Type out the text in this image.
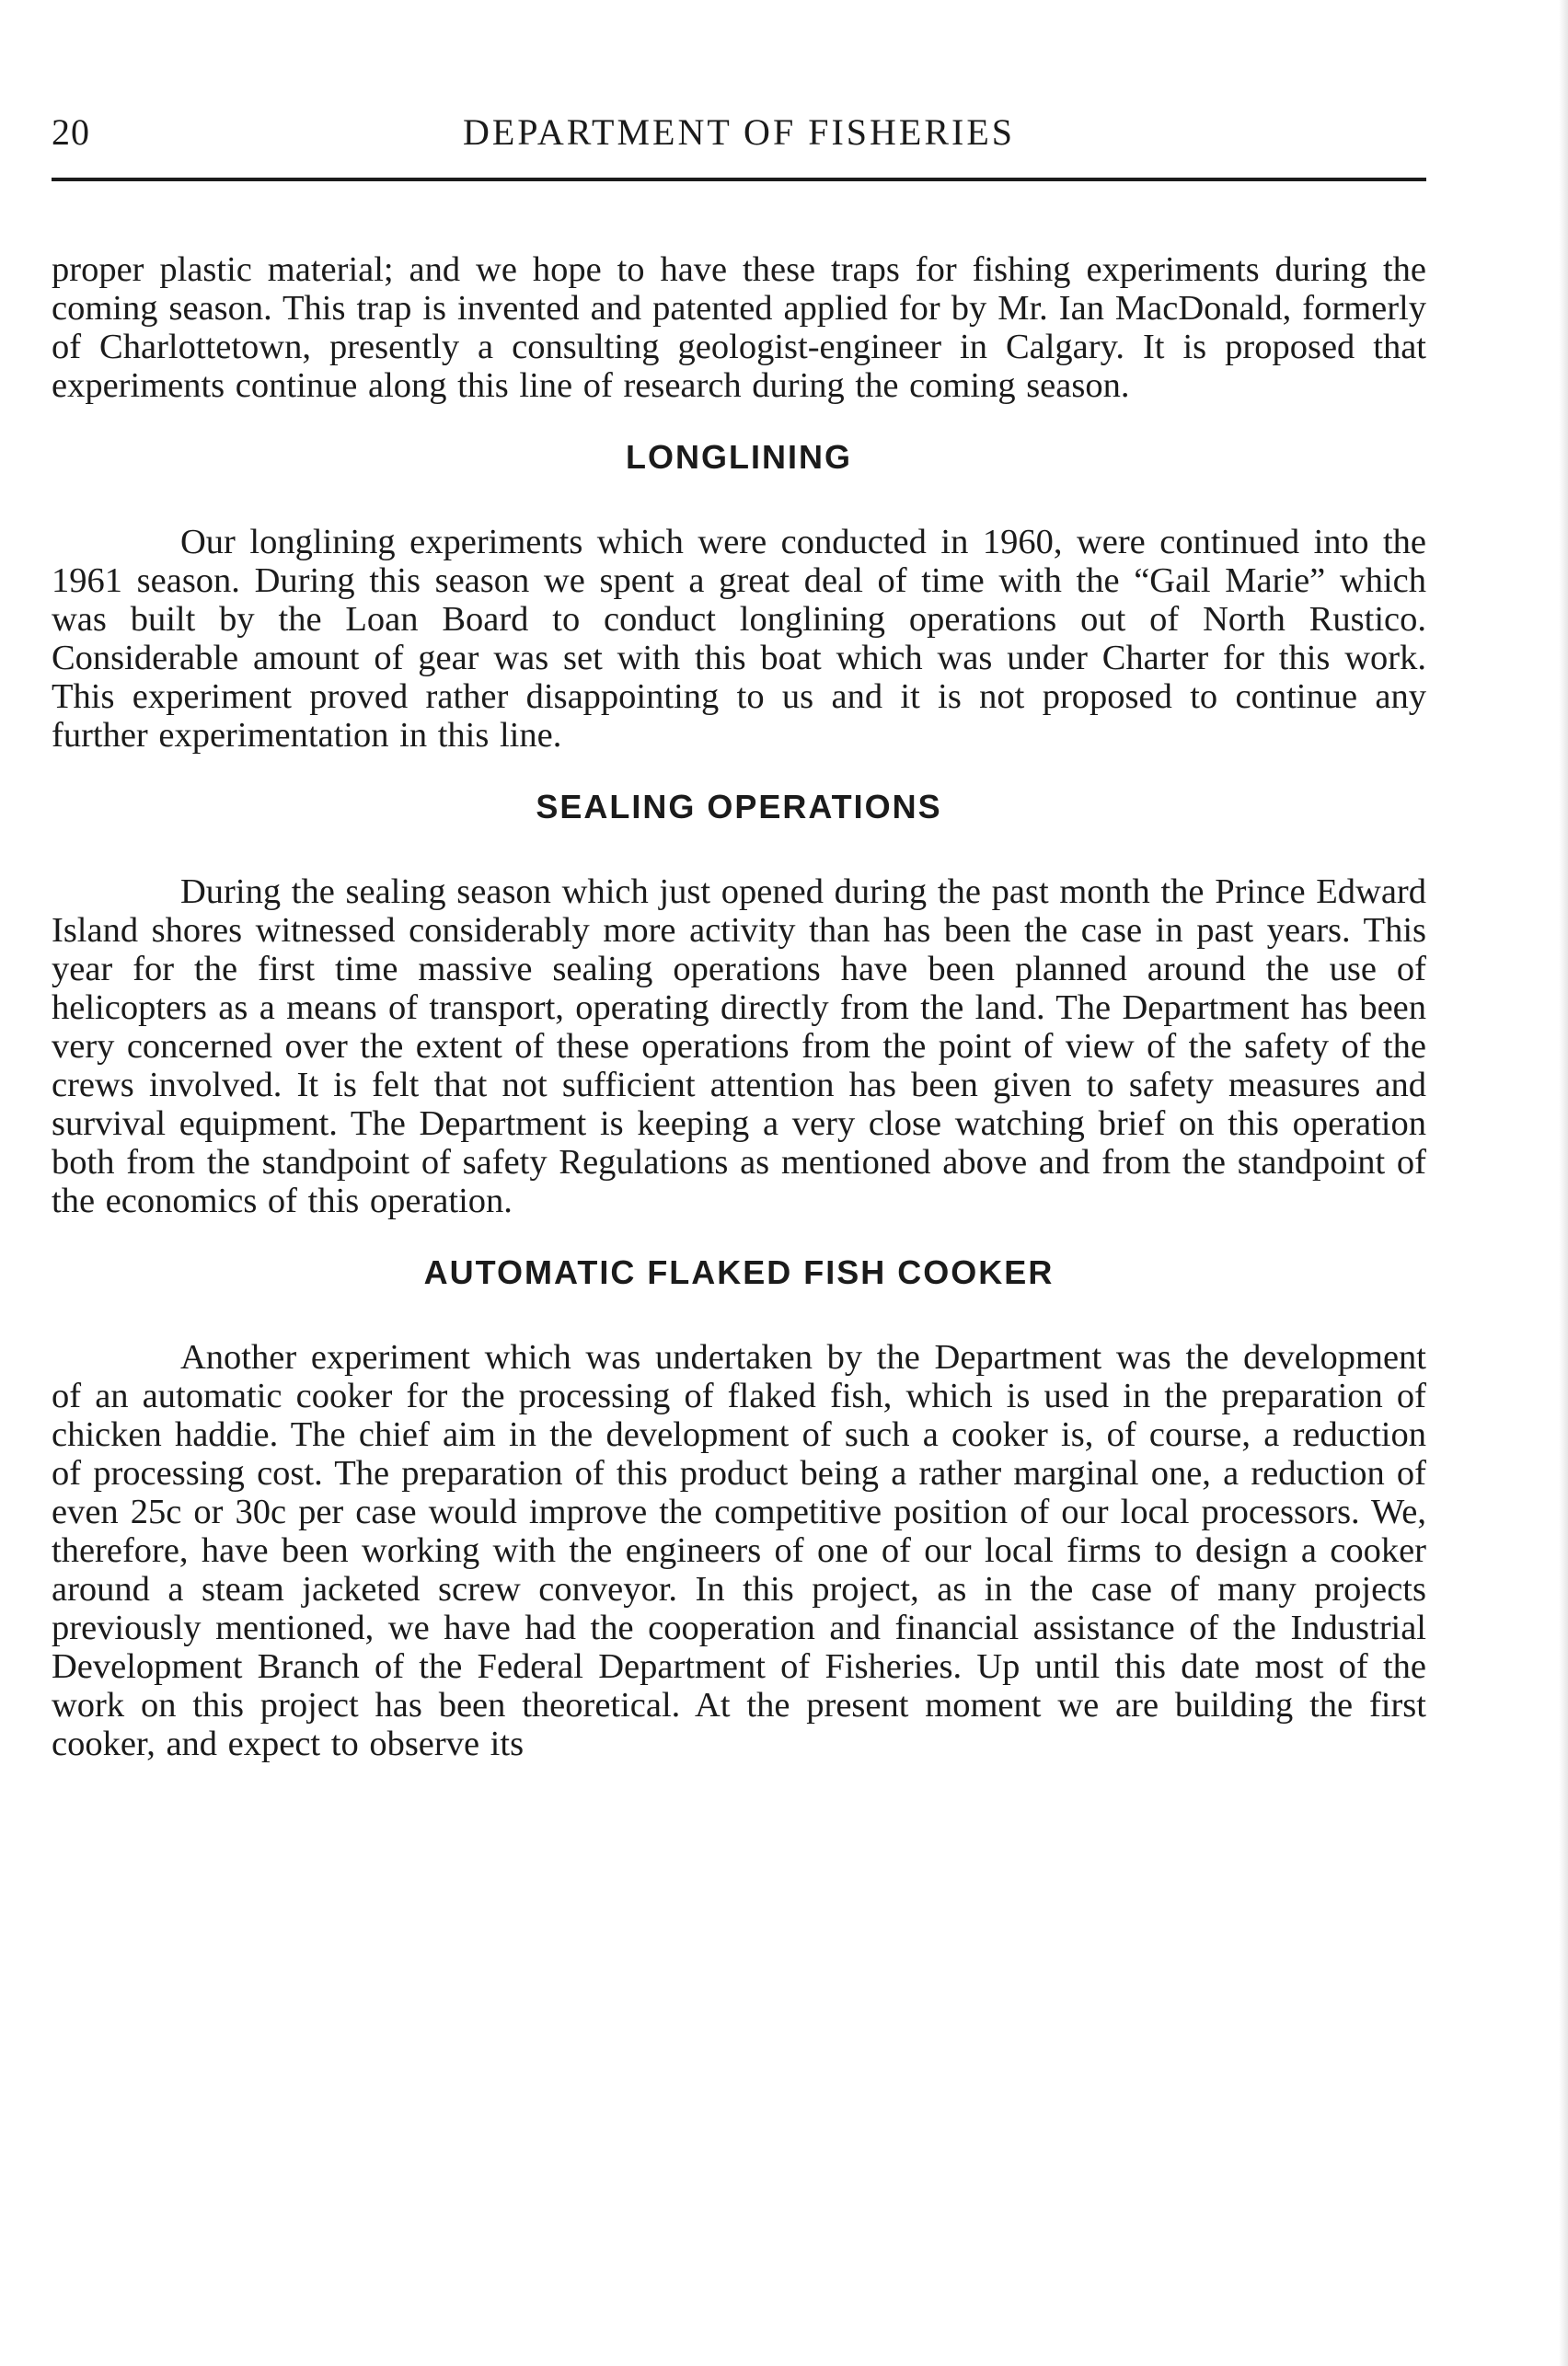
20	DEPARTMENT OF FISHERIES

proper plastic material; and we hope to have these traps for fishing experiments during the coming season. This trap is invented and patented applied for by Mr. Ian MacDonald, formerly of Charlottetown, presently a consulting geologist-engineer in Calgary. It is proposed that experiments continue along this line of research during the coming season.

LONGLINING

Our longlining experiments which were conducted in 1960, were continued into the 1961 season. During this season we spent a great deal of time with the “Gail Marie” which was built by the Loan Board to conduct longlining operations out of North Rustico. Considerable amount of gear was set with this boat which was under Charter for this work. This experiment proved rather disappointing to us and it is not proposed to continue any further experimentation in this line.

SEALING OPERATIONS

During the sealing season which just opened during the past month the Prince Edward Island shores witnessed considerably more activity than has been the case in past years. This year for the first time massive sealing operations have been planned around the use of helicopters as a means of transport, operating directly from the land. The Department has been very concerned over the extent of these operations from the point of view of the safety of the crews involved. It is felt that not sufficient attention has been given to safety measures and survival equipment. The Department is keeping a very close watching brief on this operation both from the standpoint of safety Regulations as mentioned above and from the standpoint of the economics of this operation.

AUTOMATIC FLAKED FISH COOKER

Another experiment which was undertaken by the Department was the development of an automatic cooker for the processing of flaked fish, which is used in the preparation of chicken haddie. The chief aim in the development of such a cooker is, of course, a reduction of processing cost. The preparation of this product being a rather marginal one, a reduction of even 25c or 30c per case would improve the competitive position of our local processors. We, therefore, have been working with the engineers of one of our local firms to design a cooker around a steam jacketed screw conveyor. In this project, as in the case of many projects previously mentioned, we have had the cooperation and financial assistance of the Industrial Development Branch of the Federal Department of Fisheries. Up until this date most of the work on this project has been theoretical. At the present moment we are building the first cooker, and expect to observe its
